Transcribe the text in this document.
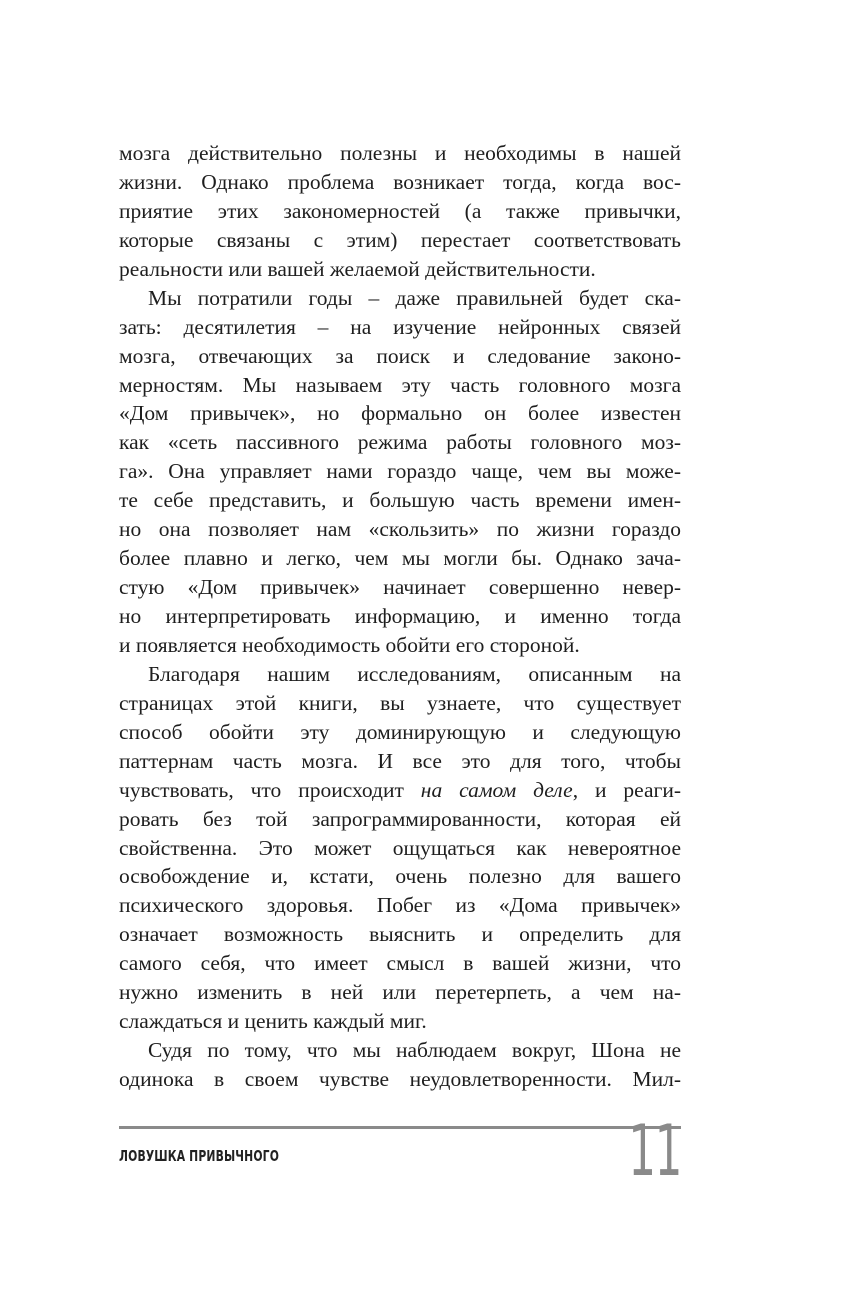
мозга действительно полезны и необходимы в нашей
жизни. Однако проблема возникает тогда, когда вос-
приятие этих закономерностей (а также привычки,
которые связаны с этим) перестает соответствовать
реальности или вашей желаемой действительности.
Мы потратили годы – даже правильней будет ска-
зать: десятилетия – на изучение нейронных связей
мозга, отвечающих за поиск и следование законо-
мерностям. Мы называем эту часть головного мозга
«Дом привычек», но формально он более известен
как «сеть пассивного режима работы головного моз-
га». Она управляет нами гораздо чаще, чем вы може-
те себе представить, и большую часть времени имен-
но она позволяет нам «скользить» по жизни гораздо
более плавно и легко, чем мы могли бы. Однако зача-
стую «Дом привычек» начинает совершенно невер-
но интерпретировать информацию, и именно тогда
и появляется необходимость обойти его стороной.
Благодаря нашим исследованиям, описанным на
страницах этой книги, вы узнаете, что существует
способ обойти эту доминирующую и следующую
паттернам часть мозга. И все это для того, чтобы
чувствовать, что происходит на самом деле, и реаги-
ровать без той запрограммированности, которая ей
свойственна. Это может ощущаться как невероятное
освобождение и, кстати, очень полезно для вашего
психического здоровья. Побег из «Дома привычек»
означает возможность выяснить и определить для
самого себя, что имеет смысл в вашей жизни, что
нужно изменить в ней или перетерпеть, а чем на-
слаждаться и ценить каждый миг.
Судя по тому, что мы наблюдаем вокруг, Шона не
одинока в своем чувстве неудовлетворенности. Мил-
ЛОВУШКА ПРИВЫЧНОГО	11
